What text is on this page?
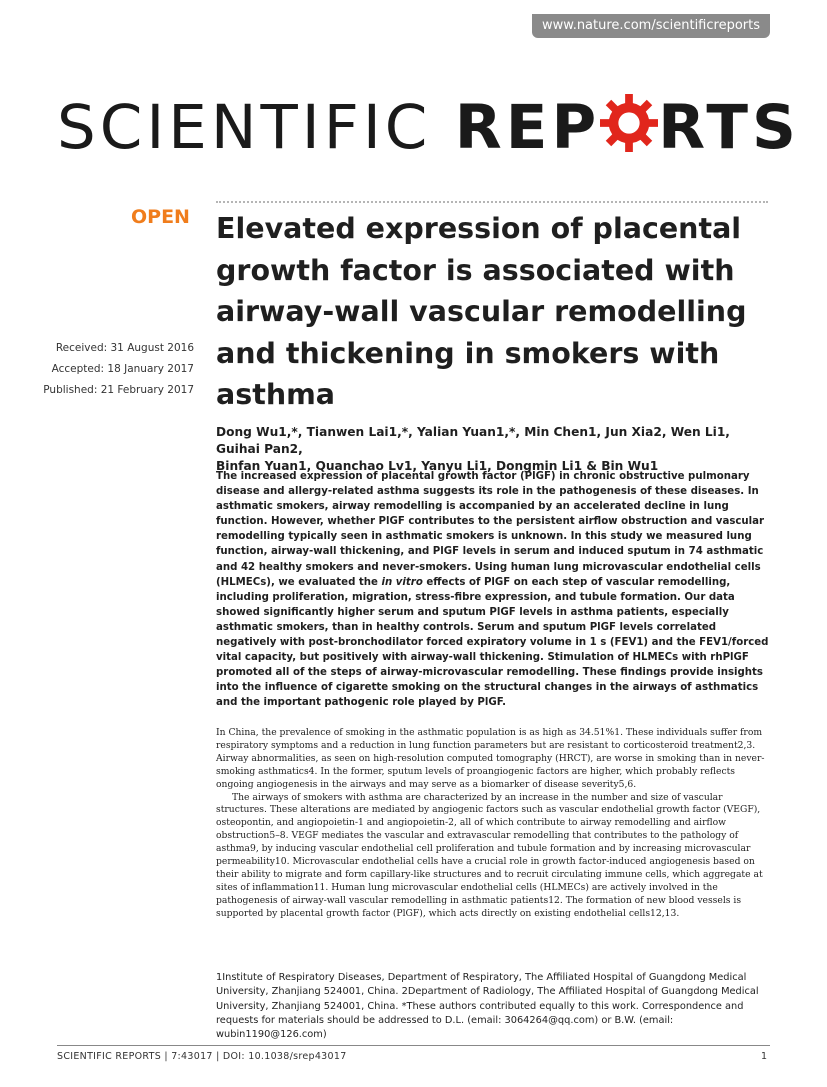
www.nature.com/scientificreports
SCIENTIFIC REP RTS
OPEN
Received: 31 August 2016
Accepted: 18 January 2017
Published: 21 February 2017
Elevated expression of placental growth factor is associated with airway-wall vascular remodelling and thickening in smokers with asthma
Dong Wu1,*, Tianwen Lai1,*, Yalian Yuan1,*, Min Chen1, Jun Xia2, Wen Li1, Guihai Pan2,
Binfan Yuan1, Quanchao Lv1, Yanyu Li1, Dongmin Li1 & Bin Wu1
The increased expression of placental growth factor (PlGF) in chronic obstructive pulmonary disease and allergy-related asthma suggests its role in the pathogenesis of these diseases. In asthmatic smokers, airway remodelling is accompanied by an accelerated decline in lung function. However, whether PlGF contributes to the persistent airflow obstruction and vascular remodelling typically seen in asthmatic smokers is unknown. In this study we measured lung function, airway-wall thickening, and PlGF levels in serum and induced sputum in 74 asthmatic and 42 healthy smokers and never-smokers. Using human lung microvascular endothelial cells (HLMECs), we evaluated the in vitro effects of PlGF on each step of vascular remodelling, including proliferation, migration, stress-fibre expression, and tubule formation. Our data showed significantly higher serum and sputum PlGF levels in asthma patients, especially asthmatic smokers, than in healthy controls. Serum and sputum PlGF levels correlated negatively with post-bronchodilator forced expiratory volume in 1 s (FEV1) and the FEV1/forced vital capacity, but positively with airway-wall thickening. Stimulation of HLMECs with rhPlGF promoted all of the steps of airway-microvascular remodelling. These findings provide insights into the influence of cigarette smoking on the structural changes in the airways of asthmatics and the important pathogenic role played by PlGF.

In China, the prevalence of smoking in the asthmatic population is as high as 34.51%1. These individuals suffer from respiratory symptoms and a reduction in lung function parameters but are resistant to corticosteroid treatment2,3. Airway abnormalities, as seen on high-resolution computed tomography (HRCT), are worse in smoking than in never-smoking asthmatics4. In the former, sputum levels of proangiogenic factors are higher, which probably reflects ongoing angiogenesis in the airways and may serve as a biomarker of disease severity5,6.

The airways of smokers with asthma are characterized by an increase in the number and size of vascular structures. These alterations are mediated by angiogenic factors such as vascular endothelial growth factor (VEGF), osteopontin, and angiopoietin-1 and angiopoietin-2, all of which contribute to airway remodelling and airflow obstruction5–8. VEGF mediates the vascular and extravascular remodelling that contributes to the pathology of asthma9, by inducing vascular endothelial cell proliferation and tubule formation and by increasing microvascular permeability10. Microvascular endothelial cells have a crucial role in growth factor-induced angiogenesis based on their ability to migrate and form capillary-like structures and to recruit circulating immune cells, which aggregate at sites of inflammation11. Human lung microvascular endothelial cells (HLMECs) are actively involved in the pathogenesis of airway-wall vascular remodelling in asthmatic patients12. The formation of new blood vessels is supported by placental growth factor (PlGF), which acts directly on existing endothelial cells12,13.

1Institute of Respiratory Diseases, Department of Respiratory, The Affiliated Hospital of Guangdong Medical University, Zhanjiang 524001, China. 2Department of Radiology, The Affiliated Hospital of Guangdong Medical University, Zhanjiang 524001, China. *These authors contributed equally to this work. Correspondence and requests for materials should be addressed to D.L. (email: 3064264@qq.com) or B.W. (email: wubin1190@126.com)
SCIENTIFIC REPORTS | 7:43017 | DOI: 10.1038/srep43017	1
